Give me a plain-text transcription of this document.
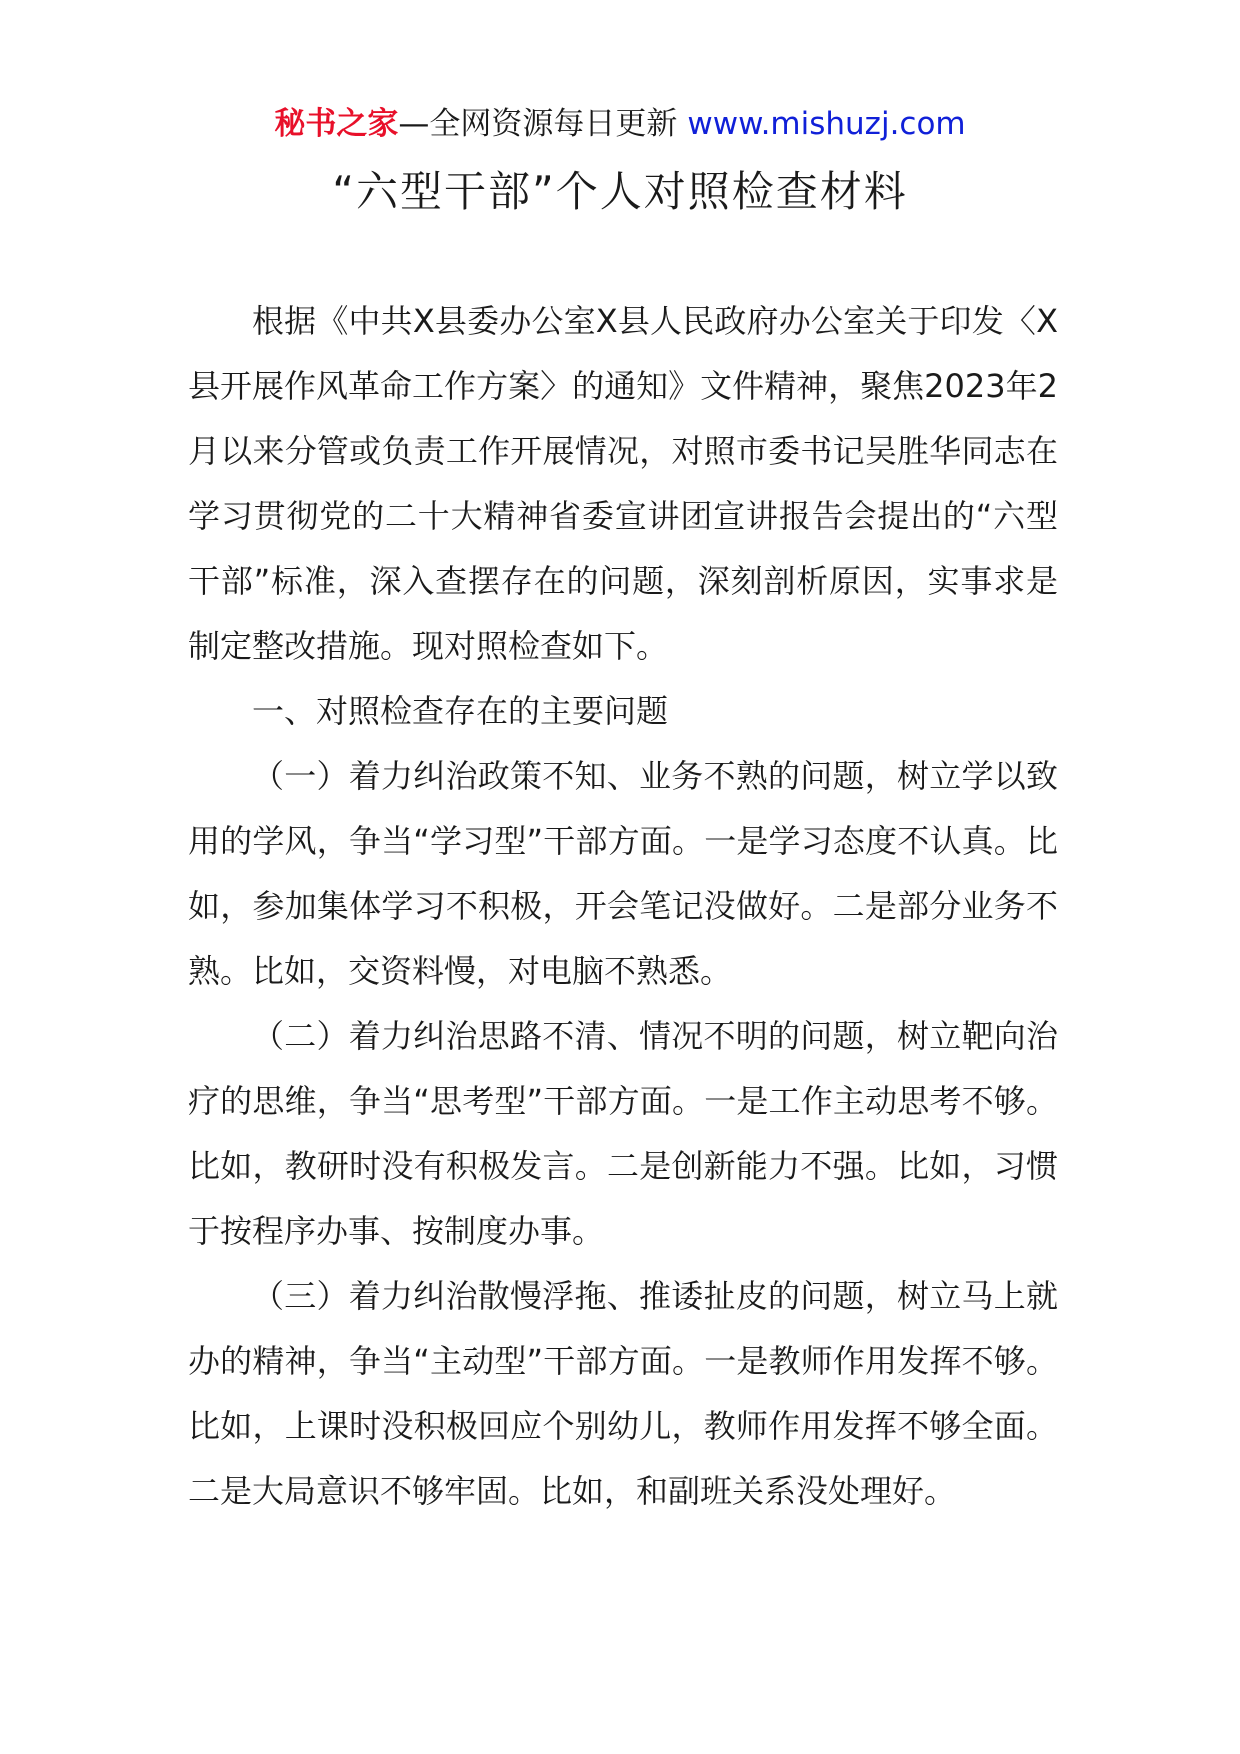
秘书之家—全网资源每日更新 www.mishuzj.com
“六型干部”个人对照检查材料

根据《中共X县委办公室X县人民政府办公室关于印发〈X县开展作风革命工作方案〉的通知》文件精神，聚焦2023年2月以来分管或负责工作开展情况，对照市委书记吴胜华同志在学习贯彻党的二十大精神省委宣讲团宣讲报告会提出的“六型干部”标准，深入查摆存在的问题，深刻剖析原因，实事求是制定整改措施。现对照检查如下。

一、对照检查存在的主要问题

（一）着力纠治政策不知、业务不熟的问题，树立学以致用的学风，争当“学习型”干部方面。一是学习态度不认真。比如，参加集体学习不积极，开会笔记没做好。二是部分业务不熟。比如，交资料慢，对电脑不熟悉。

（二）着力纠治思路不清、情况不明的问题，树立靶向治疗的思维，争当“思考型”干部方面。一是工作主动思考不够。比如，教研时没有积极发言。二是创新能力不强。比如，习惯于按程序办事、按制度办事。

（三）着力纠治散慢浮拖、推诿扯皮的问题，树立马上就办的精神，争当“主动型”干部方面。一是教师作用发挥不够。比如，上课时没积极回应个别幼儿，教师作用发挥不够全面。二是大局意识不够牢固。比如，和副班关系没处理好。
